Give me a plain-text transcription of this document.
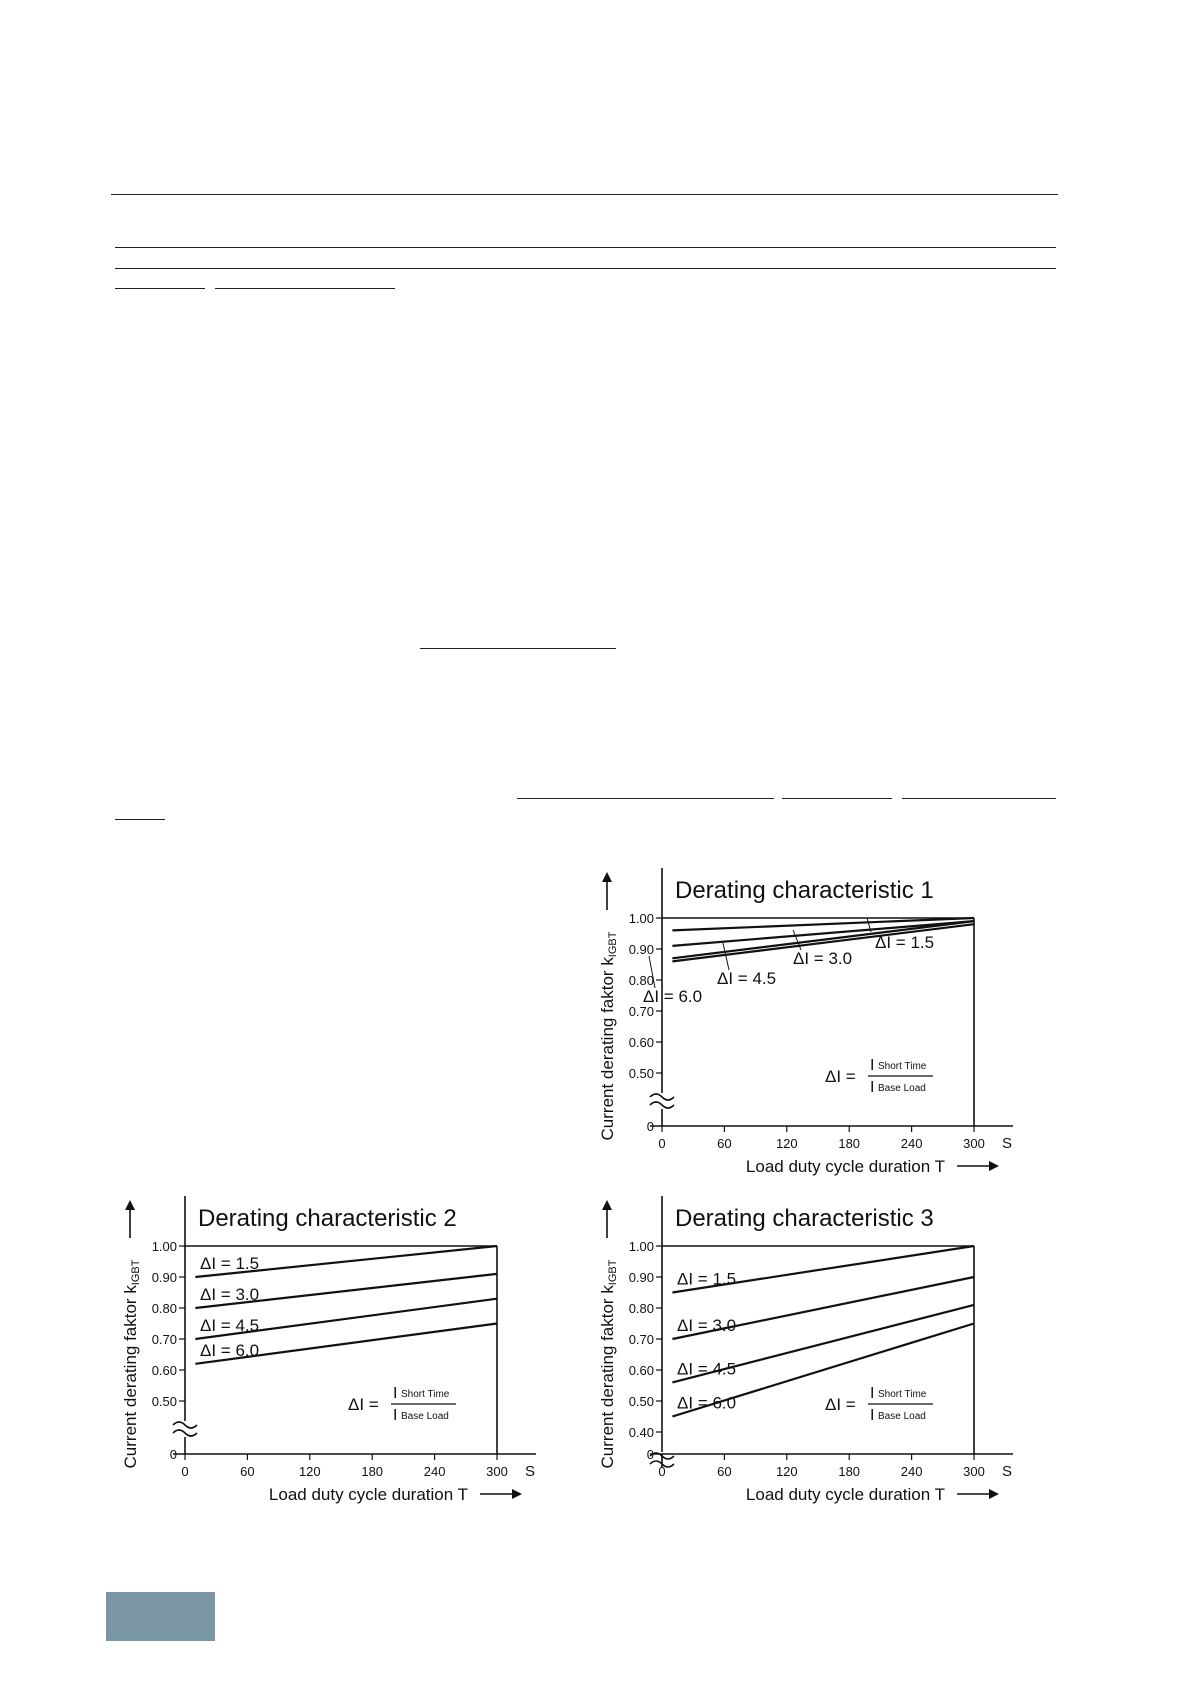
Derating characteristic 1
1.00
0.90
0.80
0.70
0.60
0.50
0
0	60	120	180	240	300 S
Load duty cycle duration T
Current derating faktor kIGBT	ΔI = 1.5
ΔI = 3.0
ΔI = 4.5
ΔI = 6.0
ΔI =
I Short Time
I Base Load
Derating characteristic 2
1.00
0.90
0.80
0.70
0.60
0.50
0
0	60	120	180	240	300 S
Load duty cycle duration T
Current derating faktor kIGBT	ΔI = 1.5
ΔI = 3.0
ΔI = 4.5
ΔI = 6.0
ΔI =
I Short Time
I Base Load
Derating characteristic 3
1.00
0.90
0.80
0.70
0.60
0.50
0.40
0
0	60	120	180	240	300 S
Load duty cycle duration T
Current derating faktor kIGBT	ΔI = 1.5
ΔI = 3.0
ΔI = 4.5
ΔI = 6.0	ΔI =
I Short Time
I Base Load
